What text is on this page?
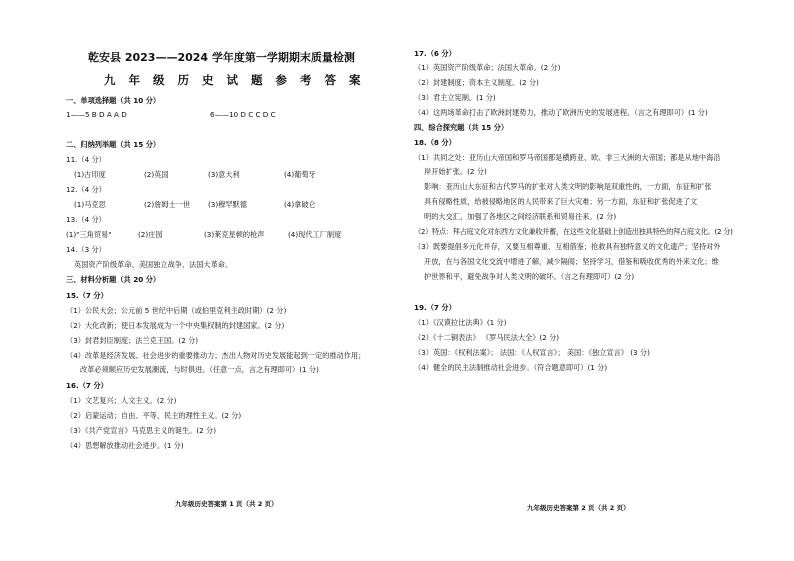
乾安县 2023——2024 学年度第一学期期末质量检测
九 年 级 历 史 试 题 参 考 答 案
一、单项选择题（共 10 分）
1——5 B D A A D	6——10 D C C D C
二、归纳列举题（共 15 分）
11.（4 分）
(1)古印度	(2)英国	(3)意大利	(4)葡萄牙
12.（4 分）
(1)马克思	(2)詹姆士一世 (3)穆罕默德	(4)拿破仑
13.（4 分）
(1)"三角贸易"	(2)庄园	(3)莱克星顿的枪声	(4)现代工厂制度
14.（3 分）
英国资产阶级革命、美国独立战争、法国大革命。
三、材料分析题（共 20 分）
15.（7 分）
（1）公民大会；公元前 5 世纪中后期（或伯里克利主政时期）(2 分)
（2）大化改新；使日本发展成为一个中央集权制的封建国家。(2 分)
（3）封君封臣制度；法兰克王国。(2 分)
（4）改革是经济发展、社会进步的重要推动力；杰出人物对历史发展能起到一定的推动作用；
改革必须顺应历史发展潮流，与时俱进。（任意一点，言之有理即可）(1 分)
16.（7 分）
（1）文艺复兴；人文主义。(2 分)
（2）启蒙运动；自由、平等、民主的理性主义。(2 分)
（3）《共产党宣言》马克思主义的诞生。(2 分)
（4）思想解放推动社会进步。(1 分)
九年级历史答案第 1 页（共 2 页）
17.（6 分）
（1）英国资产阶级革命；法国大革命。(2 分)
（2）封建制度；资本主义制度。(2 分)
（3）君主立宪制。(1 分)
（4）这两场革命打击了欧洲封建势力，推动了欧洲历史的发展进程。（言之有理即可）(1 分)
四、综合探究题（共 15 分）
18.（8 分）
（1）共同之处：亚历山大帝国和罗马帝国都是横跨亚、欧、非三大洲的大帝国；都是从地中海沿
岸开始扩张。(2 分)
影响：亚历山大东征和古代罗马的扩张对人类文明的影响是双重性的，一方面，东征和扩张
具有侵略性质，给被侵略地区的人民带来了巨大灾难；另一方面，东征和扩张促进了文
明的大交汇，加强了各地区之间经济联系和贸易往来。(2 分)
（2）特点：拜占庭文化对东西方文化兼收并蓄，在这些文化基础上创造出独具特色的拜占庭文化。(2 分)
（3）既要提倡多元化并存，又要互相尊重、互相借鉴；抢救具有独特意义的文化遗产；坚持对外
开放，在与各国文化交流中增进了解，减少隔阂；坚持学习，借鉴和吸收优秀的外来文化；维
护世界和平，避免战争对人类文明的破坏。（言之有理即可）(2 分)
19.（7 分）
（1）《汉谟拉比法典》(1 分)
（2）《十二铜表法》 《罗马民法大全》(2 分)
（3）英国：《权利法案》； 法国：《人权宣言》； 美国：《独立宣言》 (3 分)
（4）健全的民主法制推动社会进步。（符合题意即可）(1 分)
九年级历史答案第 2 页（共 2 页）
